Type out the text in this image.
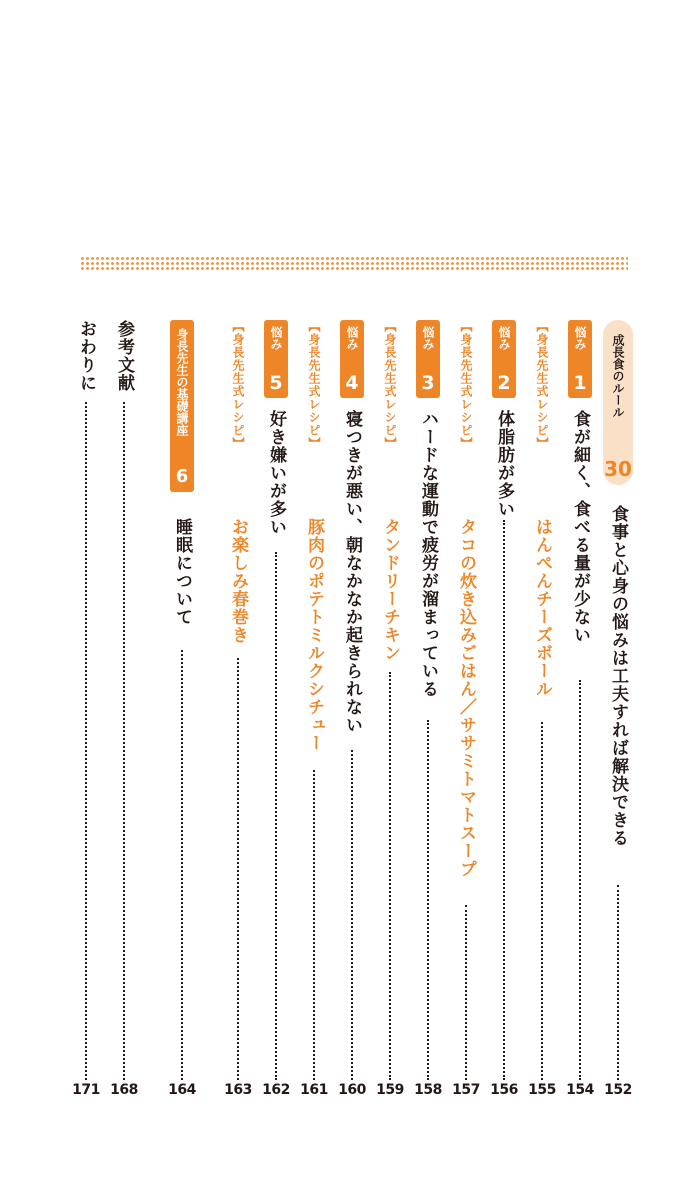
成長食のルール
30
食事と心身の悩みは工夫すれば解決できる
悩み
1
食が細く、食べる量が少ない
【身長先生式レシピ】
はんぺんチーズボール
悩み
2
体脂肪が多い
【身長先生式レシピ】
タコの炊き込みごはん／ササミトマトスープ
悩み
3
ハードな運動で疲労が溜まっている
【身長先生式レシピ】
タンドリーチキン
悩み
4
寝つきが悪い、朝なかなか起きられない
【身長先生式レシピ】
豚肉のポテトミルクシチュー
悩み
5
好き嫌いが多い
【身長先生式レシピ】
お楽しみ春巻き
身長先生の基礎講座
6
睡眠について
参考文献
おわりに
152
154
155
156
157
158
159
160
161
162
163
164
168
171
